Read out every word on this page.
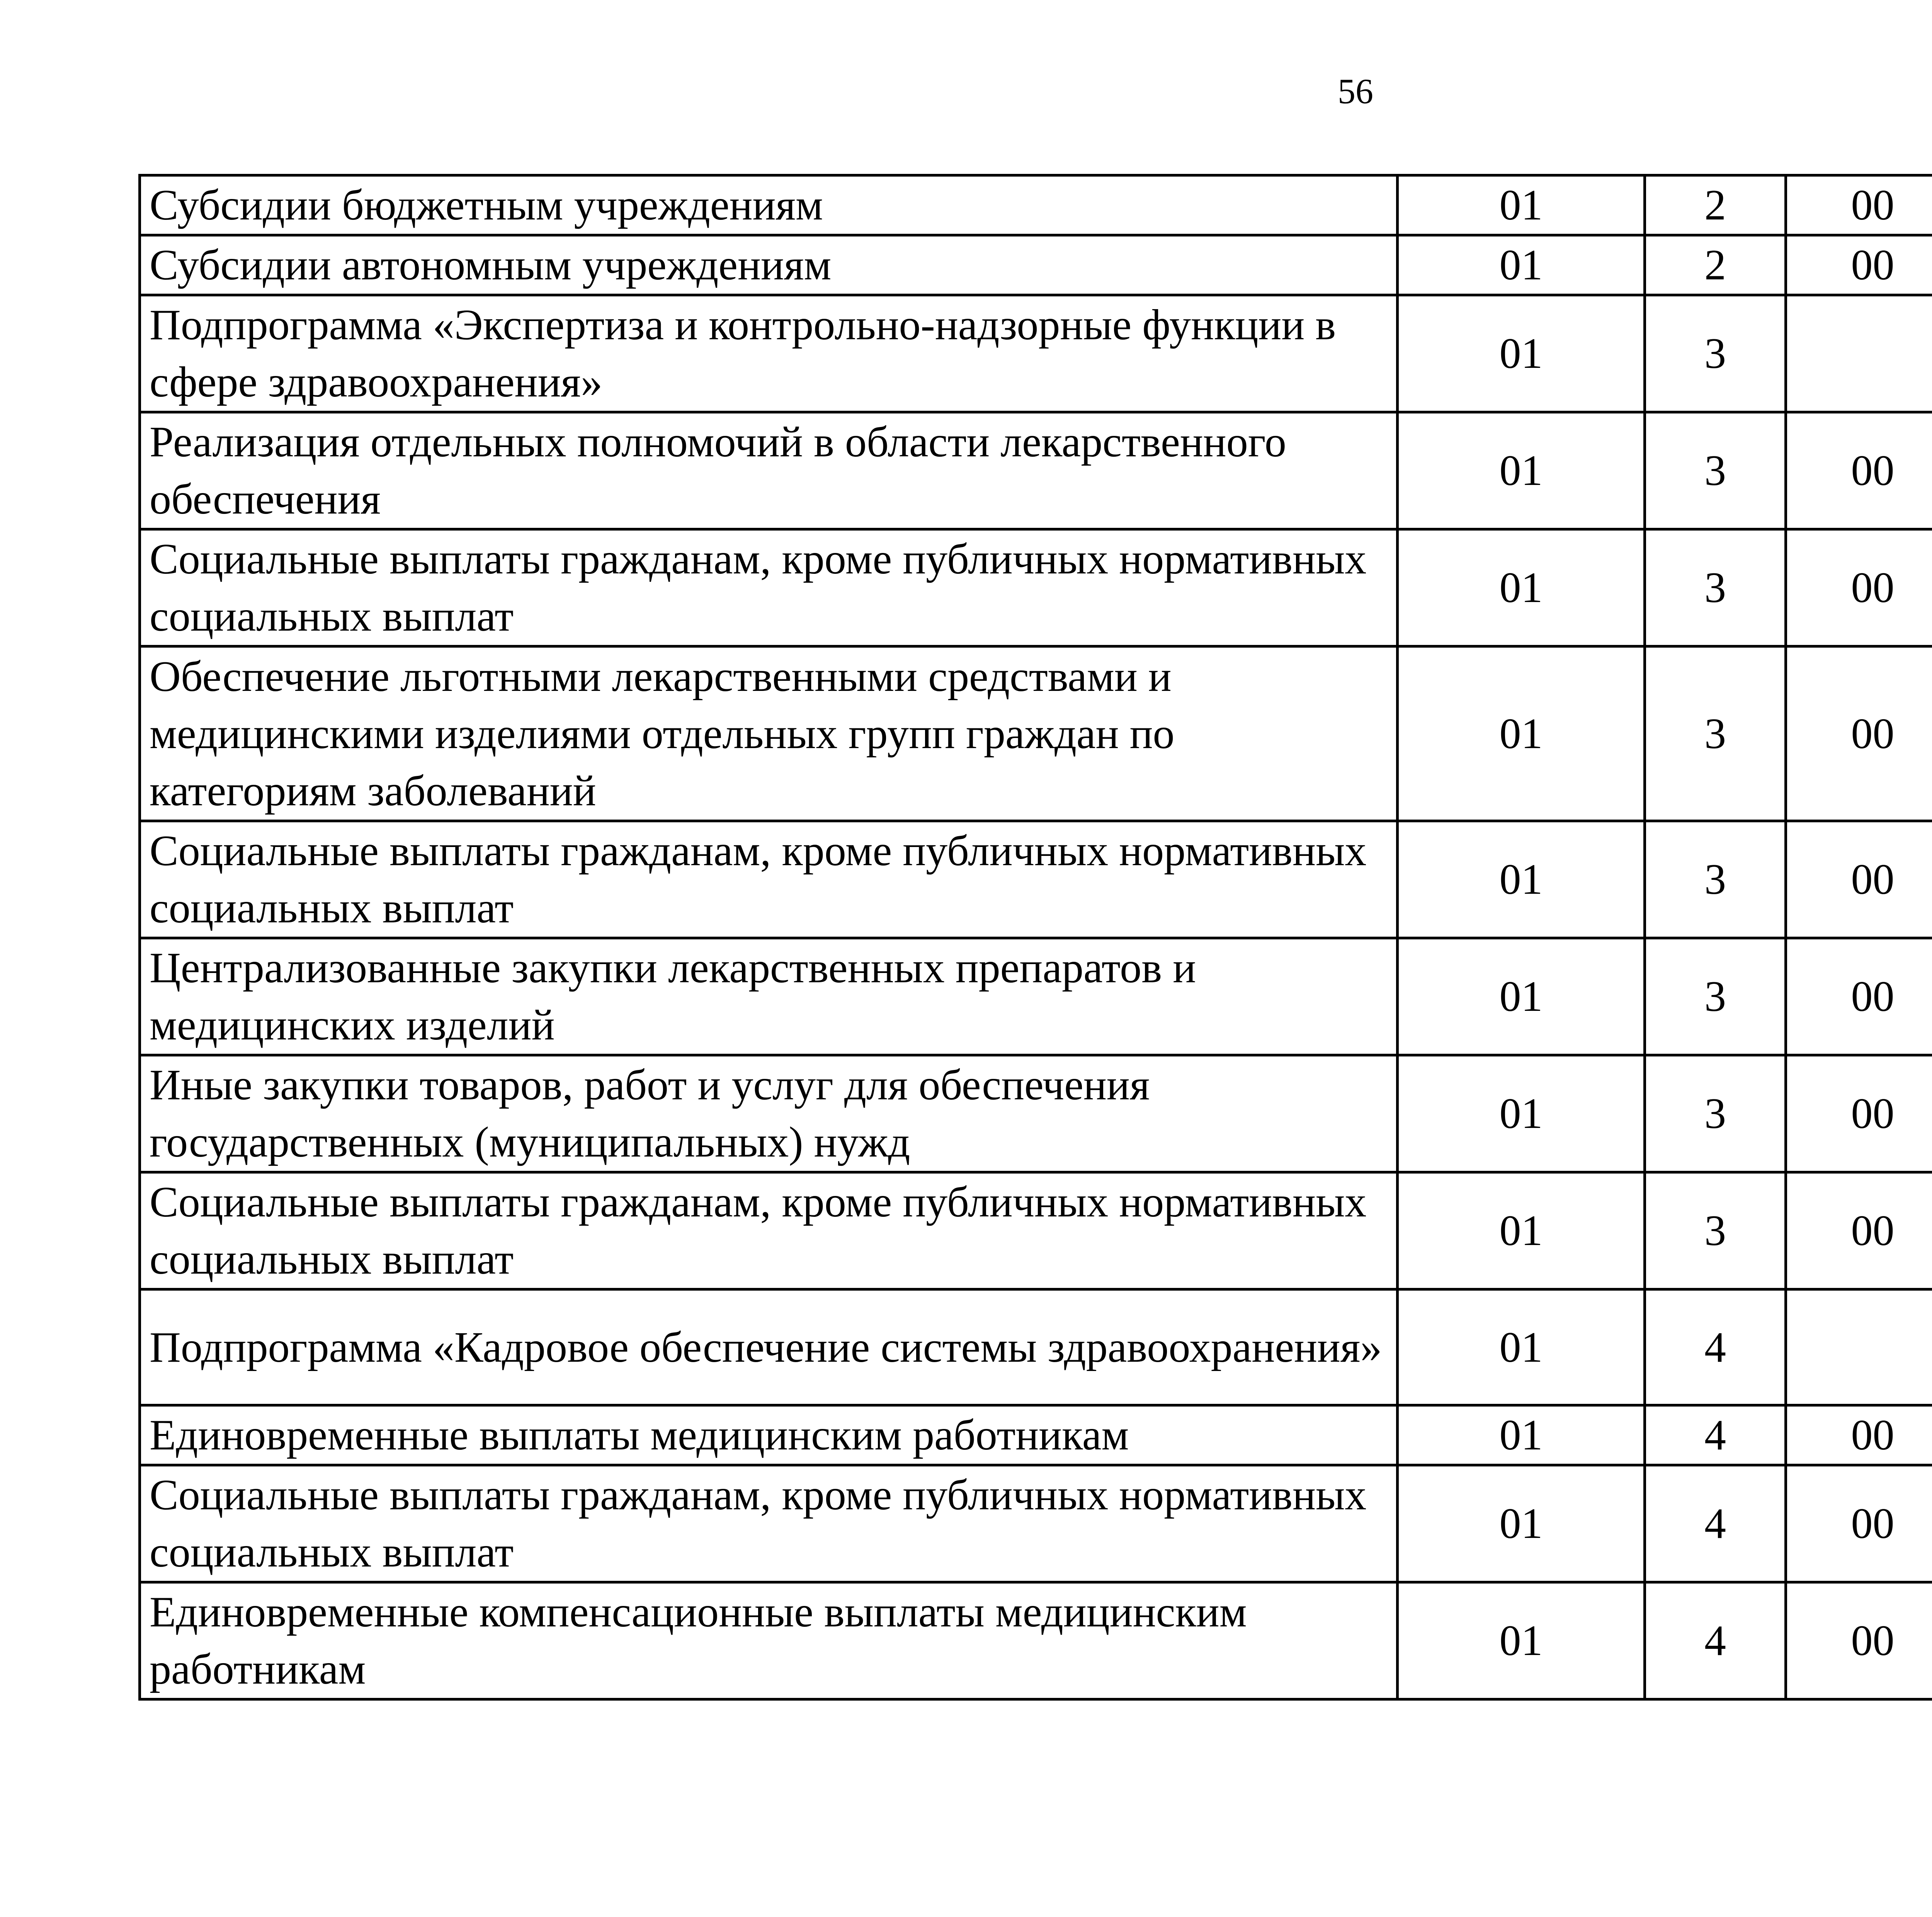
56
Субсидии бюджетным учреждениям	01	2	00			
Субсидии автономным учреждениям	01	2	00			
Подпрограмма «Экспертиза и контрольно-надзорные функции в сфере здравоохранения»	01	3				
Реализация отдельных полномочий в области лекарственного обеспечения	01	3	00			
Социальные выплаты гражданам, кроме публичных нормативных социальных выплат	01	3	00			
Обеспечение льготными лекарственными средствами и медицинскими изделиями отдельных групп граждан по категориям заболеваний	01	3	00			
Социальные выплаты гражданам, кроме публичных нормативных социальных выплат	01	3	00			
Централизованные закупки лекарственных препаратов и медицинских изделий	01	3	00			
Иные закупки товаров, работ и услуг для обеспечения государственных (муниципальных) нужд	01	3	00			
Социальные выплаты гражданам, кроме публичных нормативных социальных выплат	01	3	00			
Подпрограмма «Кадровое обеспечение системы здравоохранения»	01	4				
Единовременные выплаты медицинским работникам	01	4	00			
Социальные выплаты гражданам, кроме публичных нормативных социальных выплат	01	4	00			
Единовременные компенсационные выплаты медицинским работникам	01	4	00			
